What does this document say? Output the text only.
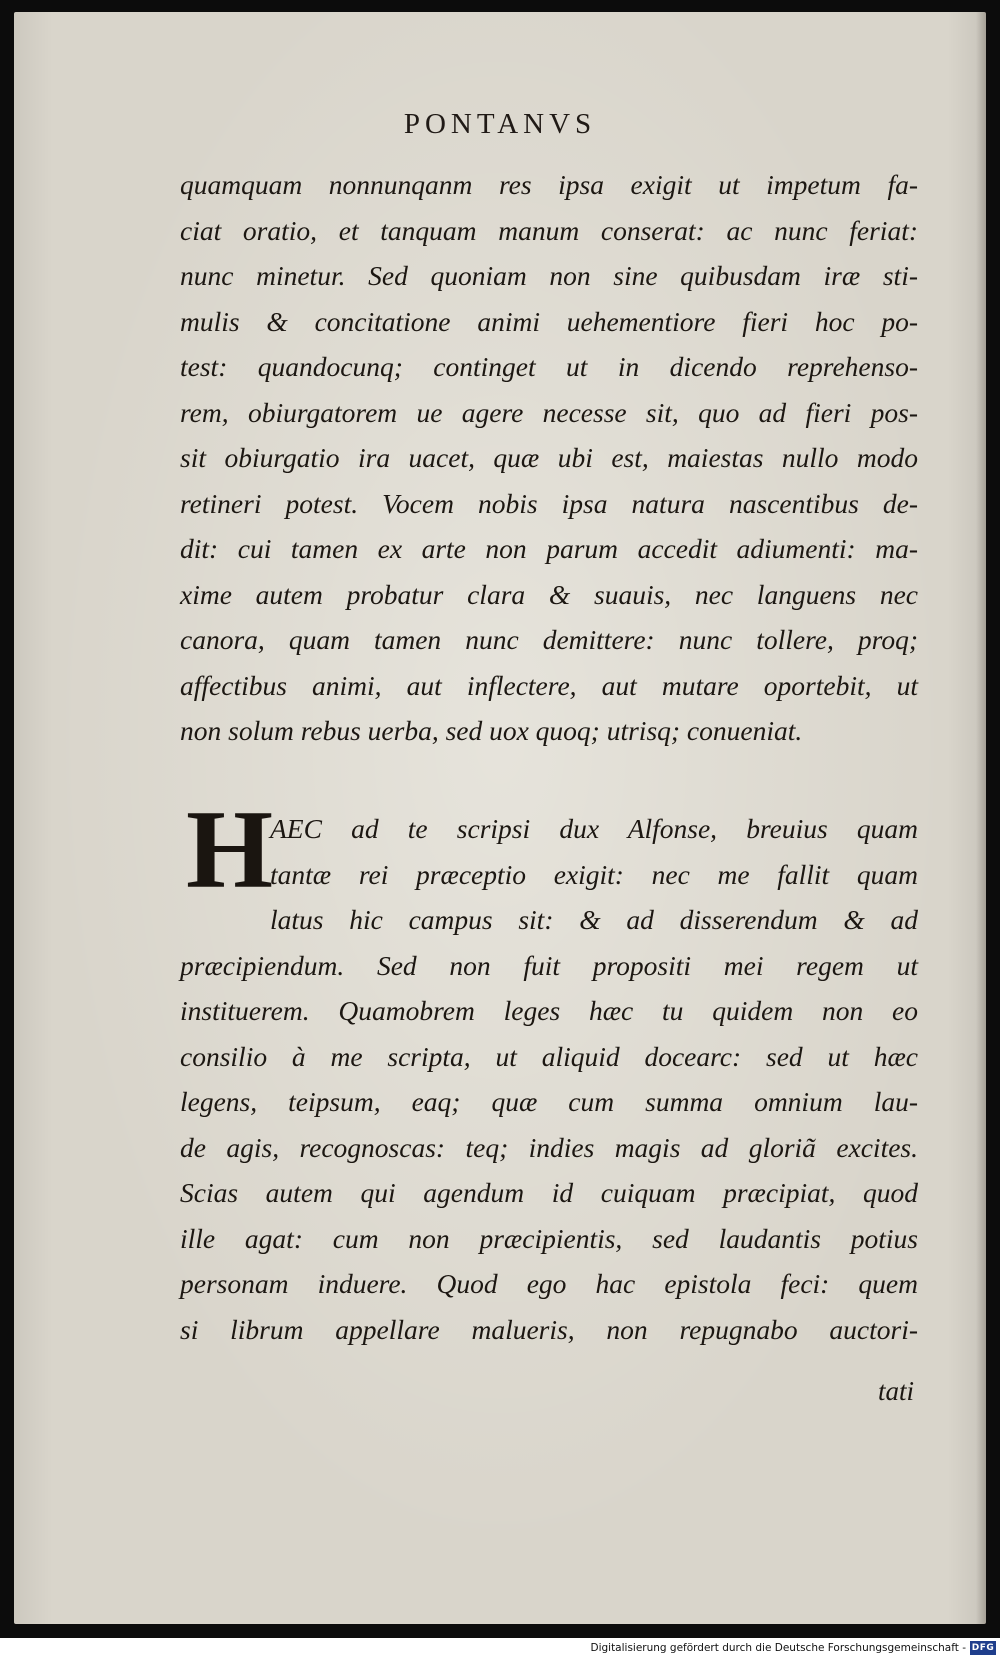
PONTANVS
quamquam nonnunqanm res ipsa exigit ut impetum fa-
ciat oratio, et tanquam manum conserat: ac nunc feriat:
nunc minetur. Sed quoniam non sine quibusdam iræ sti-
mulis & concitatione animi uehementiore fieri hoc po-
test: quandocunq; continget ut in dicendo reprehenso-
rem, obiurgatorem ue agere necesse sit, quo ad fieri pos-
sit obiurgatio ira uacet, quæ ubi est, maiestas nullo modo
retineri potest. Vocem nobis ipsa natura nascentibus de-
dit: cui tamen ex arte non parum accedit adiumenti: ma-
xime autem probatur clara & suauis, nec languens nec
canora, quam tamen nunc demittere: nunc tollere, proq;
affectibus animi, aut inflectere, aut mutare oportebit, ut
non solum rebus uerba, sed uox quoq; utrisq; conueniat.
H
AEC ad te scripsi dux Alfonse, breuius quam
tantæ rei præceptio exigit: nec me fallit quam
latus hic campus sit: & ad disserendum & ad
præcipiendum. Sed non fuit propositi mei regem ut
instituerem. Quamobrem leges hæc tu quidem non eo
consilio à me scripta, ut aliquid docearc: sed ut hæc
legens, teipsum, eaq; quæ cum summa omnium lau-
de agis, recognoscas: teq; indies magis ad gloriã excites.
Scias autem qui agendum id cuiquam præcipiat, quod
ille agat: cum non præcipientis, sed laudantis potius
personam induere. Quod ego hac epistola feci: quem
si librum appellare malueris, non repugnabo auctori-
tati
Digitalisierung gefördert durch die Deutsche Forschungsgemeinschaft - DFG
